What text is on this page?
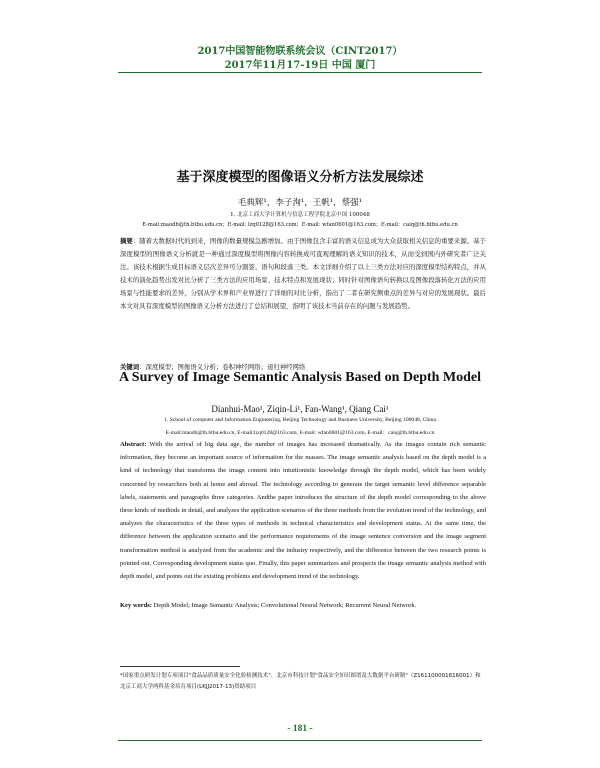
2017中国智能物联系统会议（CINT2017）
2017年11月17-19日 中国 厦门
基于深度模型的图像语义分析方法发展综述
毛典辉¹，李子洵¹，王帆¹，蔡强¹
1. 北京工商大学计算机与信息工程学院北京中国 100048
E-mail:maodh@th.btbu.edu.cn；E-mail: lzq0128@163.com；E-mail: wfan0601@163.com；E-mail：caiq@th.btbu.edu.cn
摘要：随着大数据时代的到来，图像的数量规模急剧增加。由于图像包含丰富的语义信息成为大众获取相关信息的重要来源。基于深度模型的图像语义分析就是一种通过深度模型将图像内容转换成可直观理解的语义知识的技术，从而受到国内外研究者广泛关注。该技术根据生成目标语义层次差异可分割签、语句和段落三类。本文详细介绍了以上三类方法对应的深度模型结构特点，并从技术的演化趋势出发对比分析了三类方法的应用场景、技术特点和发展现状；同时针对图像语句转换以及图像段落转化方法的应用场景与性能要求的差异，分别从学术界和产业界进行了详细的对比分析，指出了二者在研究侧重点的差异与对应的发展现状。最后本文对具有深度模型的图像语义分析方法进行了总结和展望，指明了该技术当前存在的问题与发展趋势。
关键词：深度模型；图像语义分析；卷积神经网络；递归神经网络
A Survey of Image Semantic Analysis Based on Depth Model
Dianhui-Mao¹, Ziqin-Li¹, Fan-Wang¹, Qiang Cai¹
1. School of computer and Information Engineering, Beijing Technology and Business University, Beijing 100048, China
E-mail:maodh@th.btbu.edu.cn, E-mail:lzq0128@163.com, E-mail: wfan0601@163.com, E-mail：caiq@th.btbu.edu.cn
Abstract: With the arrival of big data age, the number of images has increased dramatically. As the images contain rich semantic information, they become an important source of information for the masses. The image semantic analysis based on the depth model is a kind of technology that transforms the image content into intuitionistic knowledge through the depth model, which has been widely concerned by researchers both at home and abroad. The technology according to generate the target semantic level difference separable labels, statements and paragraphs three categories. Andthe paper introduces the structure of the depth model corresponding to the above three kinds of methods in detail, and analyzes the application scenarios of the three methods from the evolution trend of the technology, and analyzes the characteristics of the three types of methods in technical characteristics and development status. At the same time, the difference between the application scenario and the performance requirements of the image sentence conversion and the image segment transformation method is analyzed from the academic and the industry respectively, and the difference between the two research points is pointed out. Corresponding development status quo. Finally, this paper summarizes and prospects the image semantic analysis method with depth model, and points out the existing problems and development trend of the technology.
Key words: Depth Model; Image Semantic Analysis; Convolutional Neural Network; Recurrent Neural Network.
*国家重点研发计划专项项目"食品品质质量安全化验检测技术"、北京市科技计划"食品安全知识图谱及大数据平台研制"（Z161100001616001）和北京工商大学两科基金培育项目(LKJJ2017-13)资助项目
- 181 -
